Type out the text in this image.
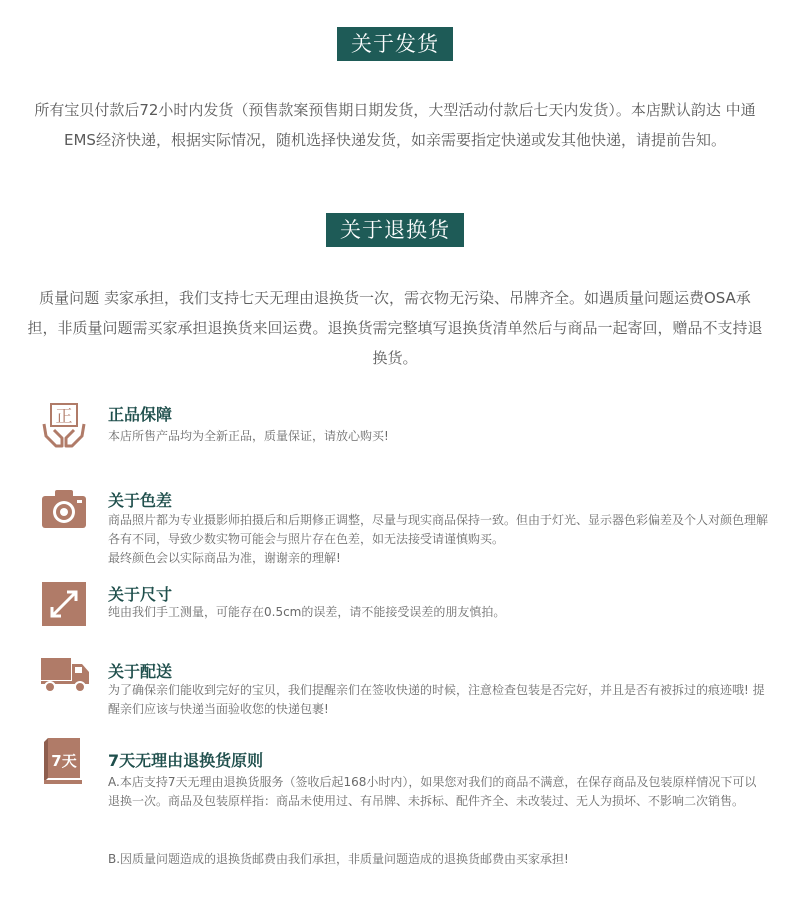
关于发货
所有宝贝付款后72小时内发货（预售款案预售期日期发货，大型活动付款后七天内发货）。本店默认韵达 中通 EMS经济快递，根据实际情况，随机选择快递发货，如亲需要指定快递或发其他快递，请提前告知。
关于退换货
质量问题 卖家承担，我们支持七天无理由退换货一次，需衣物无污染、吊牌齐全。如遇质量问题运费OSA承担，非质量问题需买家承担退换货来回运费。退换货需完整填写退换货清单然后与商品一起寄回，赠品不支持退换货。
正 正品保障
本店所售产品均为全新正品，质量保证，请放心购买!
关于色差
商品照片都为专业摄影师拍摄后和后期修正调整，尽量与现实商品保持一致。但由于灯光、显示器色彩偏差及个人对颜色理解各有不同，导致少数实物可能会与照片存在色差，如无法接受请谨慎购买。
最终颜色会以实际商品为准，谢谢亲的理解!
关于尺寸
纯由我们手工测量，可能存在0.5cm的误差，请不能接受误差的朋友慎拍。
关于配送
为了确保亲们能收到完好的宝贝，我们提醒亲们在签收快递的时候，注意检查包装是否完好，并且是否有被拆过的痕迹哦! 提醒亲们应该与快递当面验收您的快递包裹!
7天 7天无理由退换货原则
A.本店支持7天无理由退换货服务（签收后起168小时内），如果您对我们的商品不满意，在保存商品及包装原样情况下可以退换一次。商品及包装原样指：商品未使用过、有吊牌、未拆标、配件齐全、未改装过、无人为损坏、不影响二次销售。
B.因质量问题造成的退换货邮费由我们承担，非质量问题造成的退换货邮费由买家承担!
